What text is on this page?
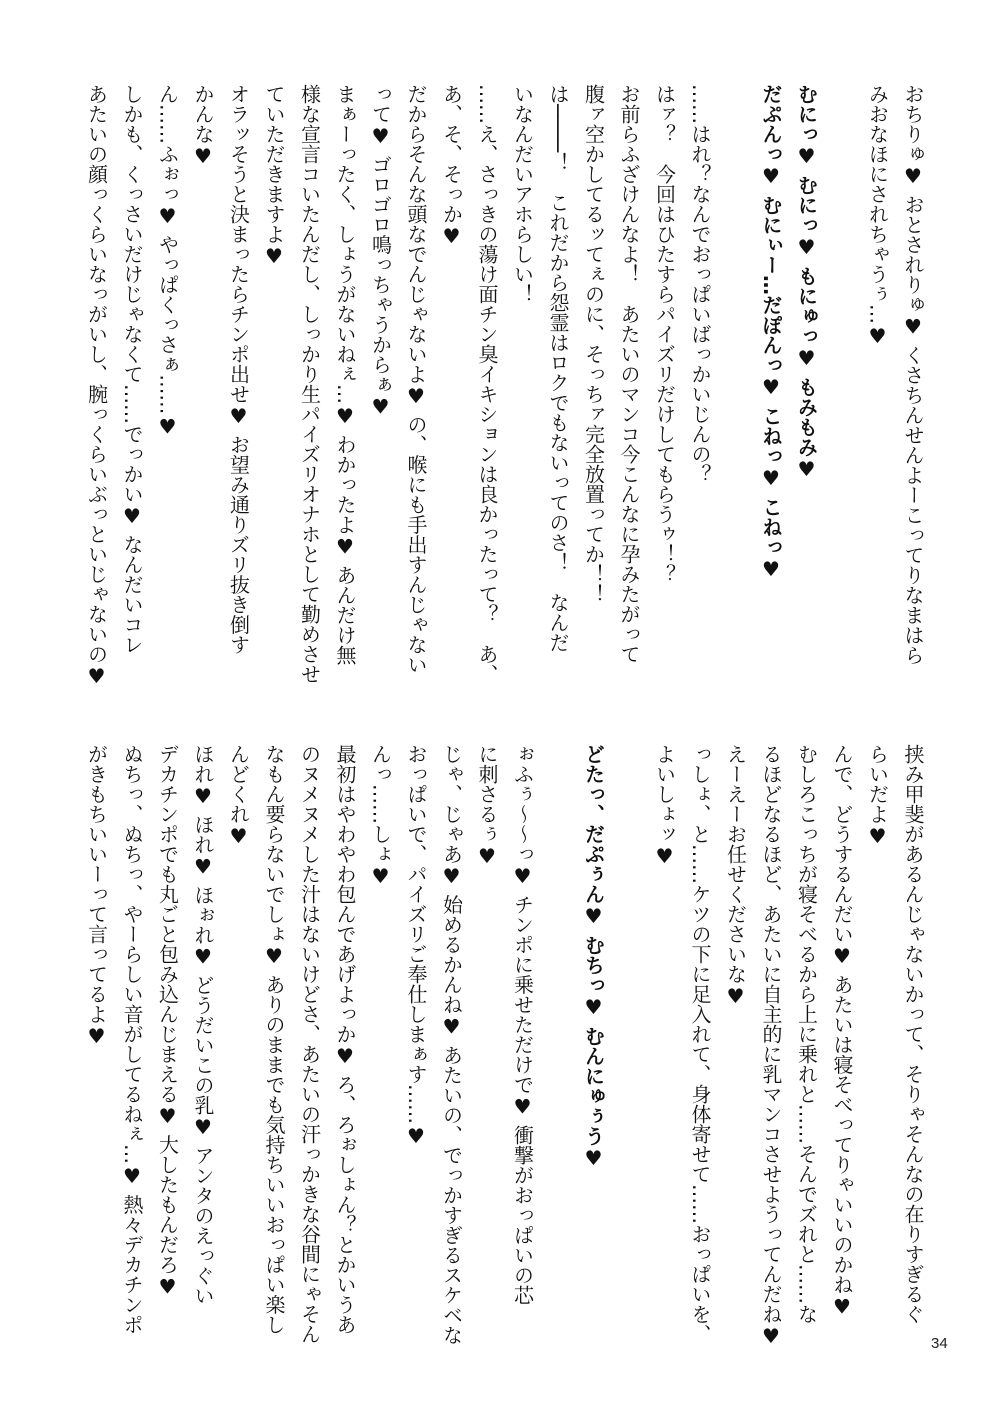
おちりゅ♥ おとされりゅ♥ くさちんせんよーこってりなまはら
みおなほにされちゃうぅ…♥
むにっ♥ むにっ♥ もにゅっ♥ もみもみ♥
だぷんっ♥ むにぃー…だぽんっ♥ こねっ♥ こねっ♥
……はれ？なんでおっぱいばっかいじんの？
はァ？　今回はひたすらパイズリだけしてもらうゥ！？
お前らふざけんなよ！　あたいのマンコ今こんなに孕みたがって
腹ァ空かしてるッてぇのに、そっちァ完全放置ってか！！
は────！　これだから怨霊はロクでもないってのさ！　なんだ
いなんだいアホらしい！
……え、さっきの蕩け面チン臭イキションは良かったって？　あ、
あ、そ、そっか♥
だからそんな頭なでんじゃないよ♥ の、喉にも手出すんじゃない
って♥ ゴロゴロ鳴っちゃうからぁ♥
まぁーったく、しょうがないねぇ…♥ わかったよ♥ あんだけ無
様な宣言コいたんだし、しっかり生パイズリオナホとして勤めさせ
ていただきますよ♥
オラッそうと決まったらチンポ出せ♥ お望み通りズリ抜き倒す
かんな♥
ん……ふぉっ♥ やっぱくっさぁ……♥
しかも、くっさいだけじゃなくて……でっかい♥ なんだいコレ
あたいの顔っくらいなっがいし、腕っくらいぶっといじゃないの♥
挟み甲斐があるんじゃないかって、そりゃそんなの在りすぎるぐ
らいだよ♥
んで、どうするんだい♥ あたいは寝そべってりゃいいのかね♥
むしろこっちが寝そべるから上に乗れと……そんでズれと……な
るほどなるほど、あたいに自主的に乳マンコさせようってんだね♥
えーえーお任せくださいな♥
っしょ、と……ケツの下に足入れて、身体寄せて……おっぱいを、
よいしょッ♥
どたっ、だぷぅん♥ むちっ♥ むんにゅぅう♥
ぉふぅ～～っ♥ チンポに乗せただけで♥ 衝撃がおっぱいの芯
に刺さるぅ♥
じゃ、じゃあ♥ 始めるかんね♥ あたいの、でっかすぎるスケベな
おっぱいで、パイズリご奉仕しまぁす……♥
んっ……しょ♥
最初はやわやわ包んであげよっか♥ ろ、ろぉしょん？とかいうあ
のヌメヌメした汁はないけどさ、あたいの汗っかきな谷間にゃそん
なもん要らないでしょ♥ ありのままでも気持ちいいおっぱい楽し
んどくれ♥
ほれ♥ ほれ♥ ほぉれ♥ どうだいこの乳♥ アンタのえっぐい
デカチンポでも丸ごと包み込んじまえる♥ 大したもんだろ♥
ぬちっ、ぬちっ、やーらしい音がしてるねぇ…♥ 熱々デカチンポ
がきもちいいーって言ってるよ♥
34
